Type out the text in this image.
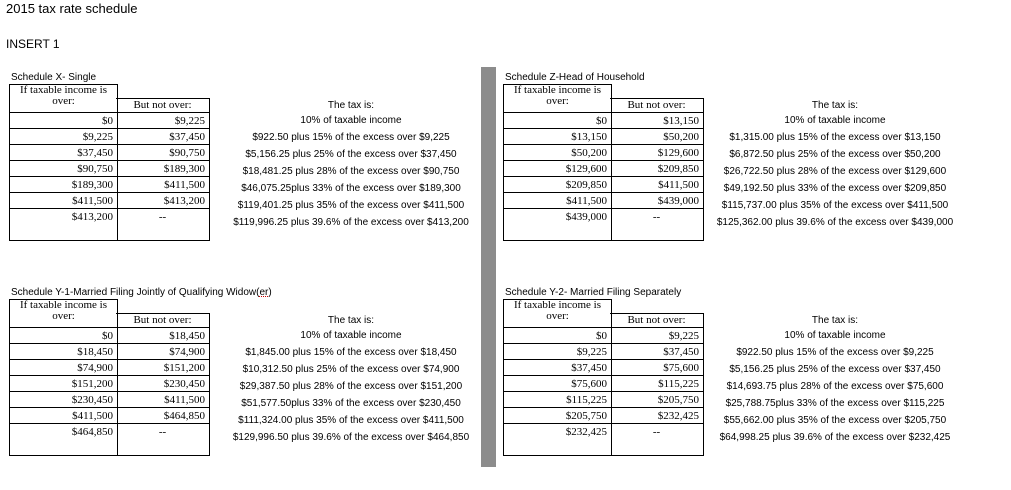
2015 tax rate schedule
INSERT 1
Schedule X- Single
If taxable income is over:
$0
$9,225
$37,450
$90,750
$189,300
$411,500
$413,200
But not over:
$9,225
$37,450
$90,750
$189,300
$411,500
$413,200
--
The tax is:
10% of taxable income
$922.50 plus 15% of the excess over $9,225
$5,156.25 plus 25% of the excess over $37,450
$18,481.25 plus 28% of the excess over $90,750
$46,075.25plus 33% of the excess over $189,300
$119,401.25 plus 35% of the excess over $411,500
$119,996.25 plus 39.6% of the excess over $413,200
Schedule Z-Head of Household
If taxable income is over:
$0
$13,150
$50,200
$129,600
$209,850
$411,500
$439,000
But not over:
$13,150
$50,200
$129,600
$209,850
$411,500
$439,000
--
The tax is:
10% of taxable income
$1,315.00 plus 15% of the excess over $13,150
$6,872.50 plus 25% of the excess over $50,200
$26,722.50 plus 28% of the excess over $129,600
$49,192.50 plus 33% of the excess over $209,850
$115,737.00 plus 35% of the excess over $411,500
$125,362.00 plus 39.6% of the excess over $439,000
Schedule Y-1-Married Filing Jointly of Qualifying Widow(er)
If taxable income is over:
$0
$18,450
$74,900
$151,200
$230,450
$411,500
$464,850
But not over:
$18,450
$74,900
$151,200
$230,450
$411,500
$464,850
--
The tax is:
10% of taxable income
$1,845.00 plus 15% of the excess over $18,450
$10,312.50 plus 25% of the excess over $74,900
$29,387.50 plus 28% of the excess over $151,200
$51,577.50plus 33% of the excess over $230,450
$111,324.00 plus 35% of the excess over $411,500
$129,996.50 plus 39.6% of the excess over $464,850
Schedule Y-2- Married Filing Separately
If taxable income is over:
$0
$9,225
$37,450
$75,600
$115,225
$205,750
$232,425
But not over:
$9,225
$37,450
$75,600
$115,225
$205,750
$232,425
--
The tax is:
10% of taxable income
$922.50 plus 15% of the excess over $9,225
$5,156.25 plus 25% of the excess over $37,450
$14,693.75 plus 28% of the excess over $75,600
$25,788.75plus 33% of the excess over $115,225
$55,662.00 plus 35% of the excess over $205,750
$64,998.25 plus 39.6% of the excess over $232,425
